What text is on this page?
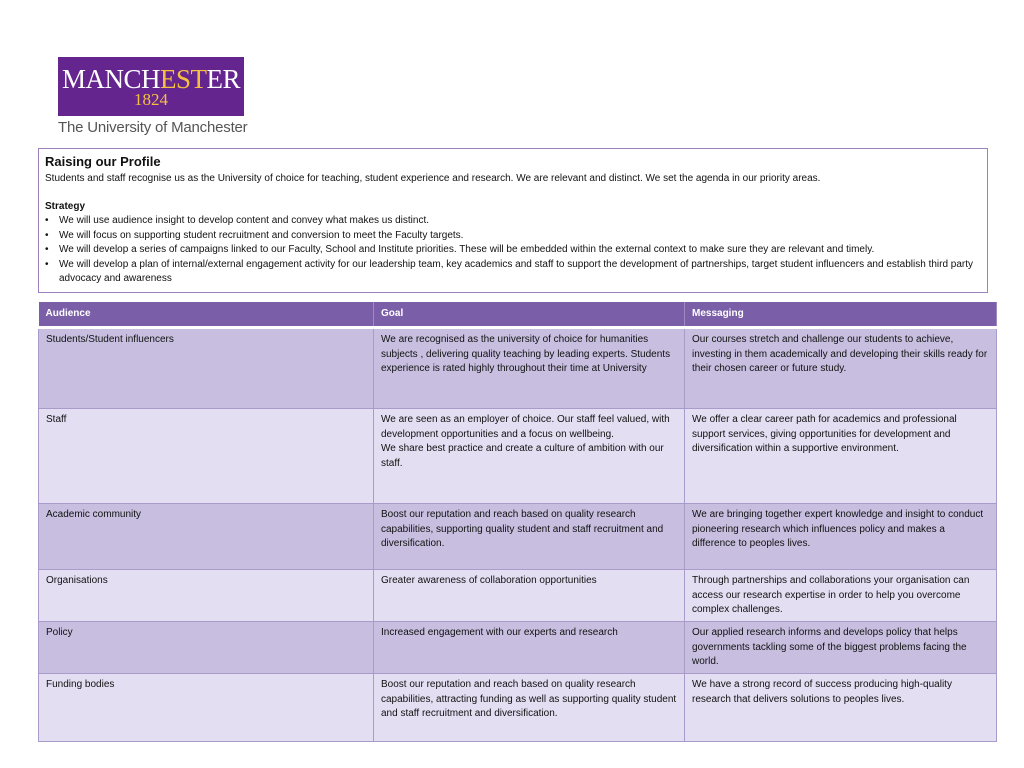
MANCHESTER
1824
The University of Manchester
Raising our Profile
Students and staff recognise us as the University of choice for teaching, student experience and research. We are relevant and distinct. We set the agenda in our priority areas.
Strategy
• We will use audience insight to develop content and convey what makes us distinct.
• We will focus on supporting student recruitment and conversion to meet the Faculty targets.
• We will develop a series of campaigns linked to our Faculty, School and Institute priorities. These will be embedded within the external context to make sure they are relevant and timely.
• We will develop a plan of internal/external engagement activity for our leadership team, key academics and staff to support the development of partnerships, target student influencers and establish third party advocacy and awareness
Audience	Goal	Messaging
Students/Student influencers	We are recognised as the university of choice for humanities subjects , delivering quality teaching by leading experts. Students experience is rated highly throughout their time at University	Our courses stretch and challenge our students to achieve, investing in them academically and developing their skills ready for their chosen career or future study.
Staff	We are seen as an employer of choice. Our staff feel valued, with development opportunities and a focus on wellbeing.
We share best practice and create a culture of ambition with our staff.	We offer a clear career path for academics and professional support services, giving opportunities for development and diversification within a supportive environment.
Academic community	Boost our reputation and reach based on quality research capabilities, supporting quality student and staff recruitment and diversification.	We are bringing together expert knowledge and insight to conduct pioneering research which influences policy and makes a difference to peoples lives.
Organisations	Greater awareness of collaboration opportunities	Through partnerships and collaborations your organisation can access our research expertise in order to help you overcome complex challenges.
Policy	Increased engagement with our experts and research	Our applied research informs and develops policy that helps governments tackling some of the biggest problems facing the world.
Funding bodies	Boost our reputation and reach based on quality research capabilities, attracting funding as well as supporting quality student and staff recruitment and diversification.	We have a strong record of success producing high-quality research that delivers solutions to peoples lives.
